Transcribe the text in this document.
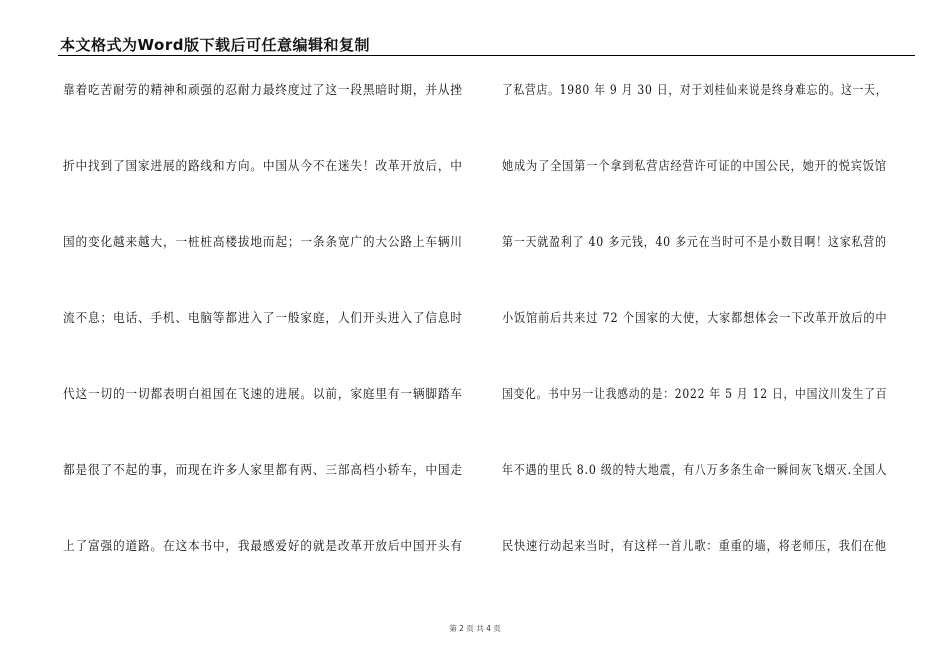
本文格式为Word版下载后可任意编辑和复制
靠着吃苦耐劳的精神和顽强的忍耐力最终度过了这一段黑暗时期，并从挫
折中找到了国家进展的路线和方向。中国从今不在迷失！改革开放后，中
国的变化越来越大，一桩桩高楼拔地而起；一条条宽广的大公路上车辆川
流不息；电话、手机、电脑等都进入了一般家庭，人们开头进入了信息时
代这一切的一切都表明白祖国在飞速的进展。以前，家庭里有一辆脚踏车
都是很了不起的事，而现在许多人家里都有两、三部高档小轿车，中国走
上了富强的道路。在这本书中，我最感爱好的就是改革开放后中国开头有
了私营店。1980 年 9 月 30 日，对于刘桂仙来说是终身难忘的。这一天，
她成为了全国第一个拿到私营店经营许可证的中国公民，她开的悦宾饭馆
第一天就盈利了 40 多元钱，40 多元在当时可不是小数目啊！这家私营的
小饭馆前后共来过 72 个国家的大使，大家都想体会一下改革开放后的中
国变化。书中另一让我感动的是：2022 年 5 月 12 日，中国汶川发生了百
年不遇的里氏 8.0 级的特大地震，有八万多条生命一瞬间灰飞烟灭.全国人
民快速行动起来当时，有这样一首儿歌：重重的墙，将老师压，我们在他
第 2 页 共 4 页
